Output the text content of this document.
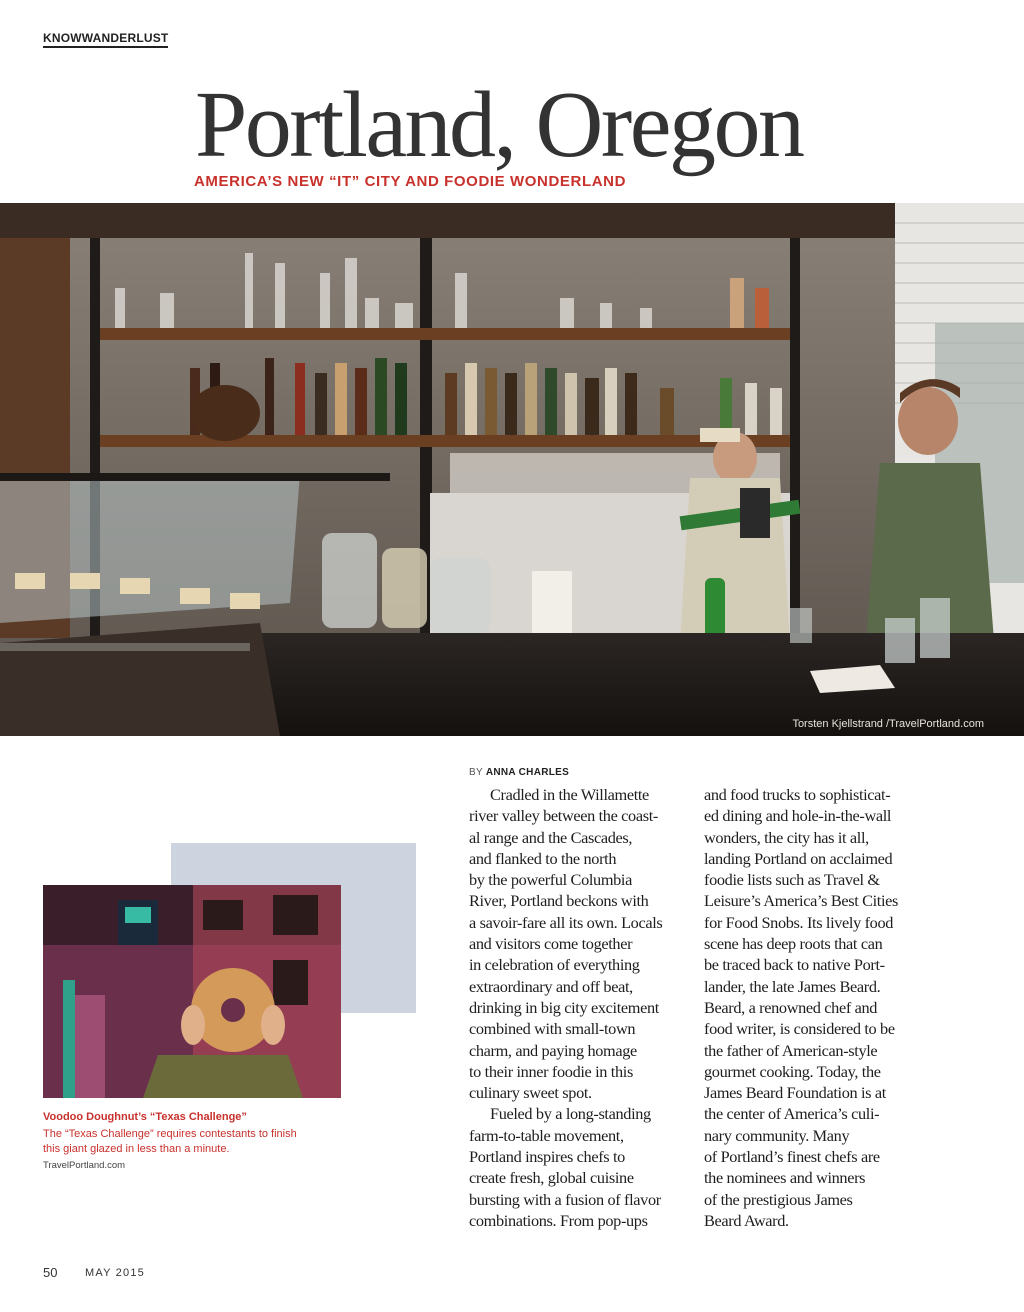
KNOWWANDERLUST
Portland, Oregon
AMERICA’S NEW “IT” CITY AND FOODIE WONDERLAND
Torsten Kjellstrand /TravelPortland.com
BY ANNA CHARLES

Cradled in the Willamette

river valley between the coast-

al range and the Cascades,

and flanked to the north

by the powerful Columbia

River, Portland beckons with

a savoir-fare all its own. Locals

and visitors come together

in celebration of everything

extraordinary and off beat,

drinking in big city excitement

combined with small-town

charm, and paying homage

to their inner foodie in this

culinary sweet spot.

Fueled by a long-standing

farm-to-table movement,

Portland inspires chefs to

create fresh, global cuisine

bursting with a fusion of flavor

combinations. From pop-ups

and food trucks to sophisticat-

ed dining and hole-in-the-wall

wonders, the city has it all,

landing Portland on acclaimed

foodie lists such as Travel &

Leisure’s America’s Best Cities

for Food Snobs. Its lively food

scene has deep roots that can

be traced back to native Port-

lander, the late James Beard.

Beard, a renowned chef and

food writer, is considered to be

the father of American-style

gourmet cooking. Today, the

James Beard Foundation is at

the center of America’s culi-

nary community. Many

of Portland’s finest chefs are

the nominees and winners

of the prestigious James

Beard Award.

Voodoo Doughnut’s “Texas Challenge”
The “Texas Challenge” requires contestants to finish this giant glazed in less than a minute.
TravelPortland.com
50	MAY 2015
